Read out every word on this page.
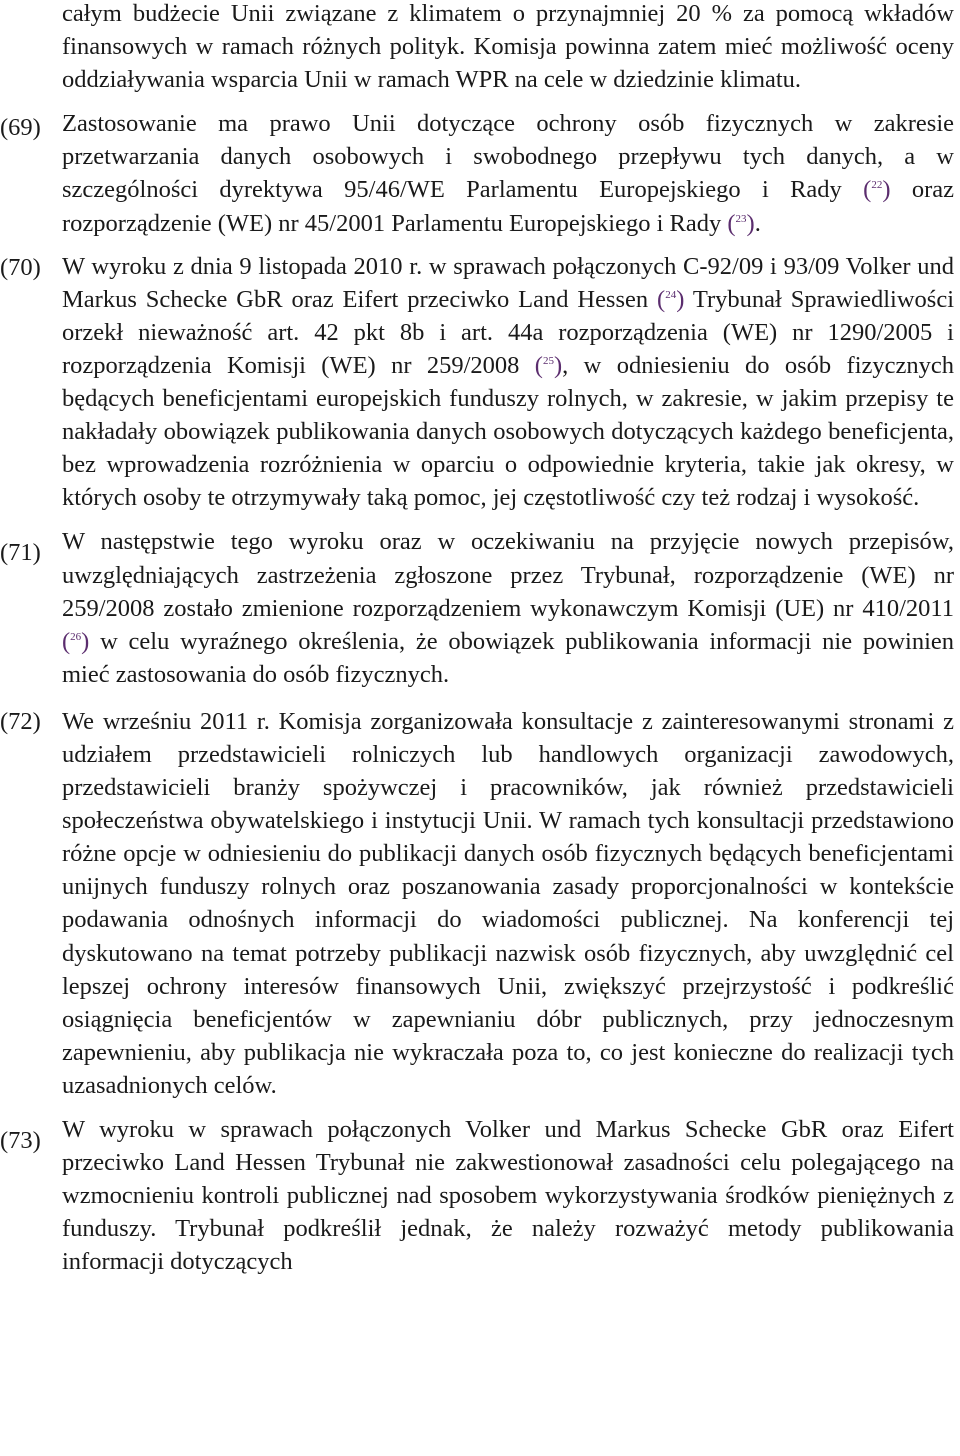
całym budżecie Unii związane z klimatem o przynajmniej 20 % za pomocą wkładów finansowych w ramach różnych polityk. Komisja powinna zatem mieć możliwość oceny oddziaływania wsparcia Unii w ramach WPR na cele w dziedzinie klimatu.
(69) Zastosowanie ma prawo Unii dotyczące ochrony osób fizycznych w zakresie przetwarzania danych osobowych i swobodnego przepływu tych danych, a w szczególności dyrektywa 95/46/WE Parlamentu Europejskiego i Rady ($^{22}$) oraz rozporządzenie (WE) nr 45/2001 Parlamentu Europejskiego i Rady ($^{23}$).
(70) W wyroku z dnia 9 listopada 2010 r. w sprawach połączonych C-92/09 i 93/09 Volker und Markus Schecke GbR oraz Eifert przeciwko Land Hessen ($^{24}$) Trybunał Sprawiedliwości orzekł nieważność art. 42 pkt 8b i art. 44a rozporządzenia (WE) nr 1290/2005 i rozporządzenia Komisji (WE) nr 259/2008 ($^{25}$), w odniesieniu do osób fizycznych będących beneficjentami europejskich funduszy rolnych, w zakresie, w jakim przepisy te nakładały obowiązek publikowania danych osobowych dotyczących każdego beneficjenta, bez wprowadzenia rozróżnienia w oparciu o odpowiednie kryteria, takie jak okresy, w których osoby te otrzymywały taką pomoc, jej częstotliwość czy też rodzaj i wysokość.
(71) W następstwie tego wyroku oraz w oczekiwaniu na przyjęcie nowych przepisów, uwzględniających zastrzeżenia zgłoszone przez Trybunał, rozporządzenie (WE) nr 259/2008 zostało zmienione rozporządzeniem wykonawczym Komisji (UE) nr 410/2011 ($^{26}$) w celu wyraźnego określenia, że obowiązek publikowania informacji nie powinien mieć zastosowania do osób fizycznych.
(72) We wrześniu 2011 r. Komisja zorganizowała konsultacje z zainteresowanymi stronami z udziałem przedstawicieli rolniczych lub handlowych organizacji zawodowych, przedstawicieli branży spożywczej i pracowników, jak również przedstawicieli społeczeństwa obywatelskiego i instytucji Unii. W ramach tych konsultacji przedstawiono różne opcje w odniesieniu do publikacji danych osób fizycznych będących beneficjentami unijnych funduszy rolnych oraz poszanowania zasady proporcjonalności w kontekście podawania odnośnych informacji do wiadomości publicznej. Na konferencji tej dyskutowano na temat potrzeby publikacji nazwisk osób fizycznych, aby uwzględnić cel lepszej ochrony interesów finansowych Unii, zwiększyć przejrzystość i podkreślić osiągnięcia beneficjentów w zapewnianiu dóbr publicznych, przy jednoczesnym zapewnieniu, aby publikacja nie wykraczała poza to, co jest konieczne do realizacji tych uzasadnionych celów.
(73) W wyroku w sprawach połączonych Volker und Markus Schecke GbR oraz Eifert przeciwko Land Hessen Trybunał nie zakwestionował zasadności celu polegającego na wzmocnieniu kontroli publicznej nad sposobem wykorzystywania środków pieniężnych z funduszy. Trybunał podkreślił jednak, że należy rozważyć metody publikowania informacji dotyczących
